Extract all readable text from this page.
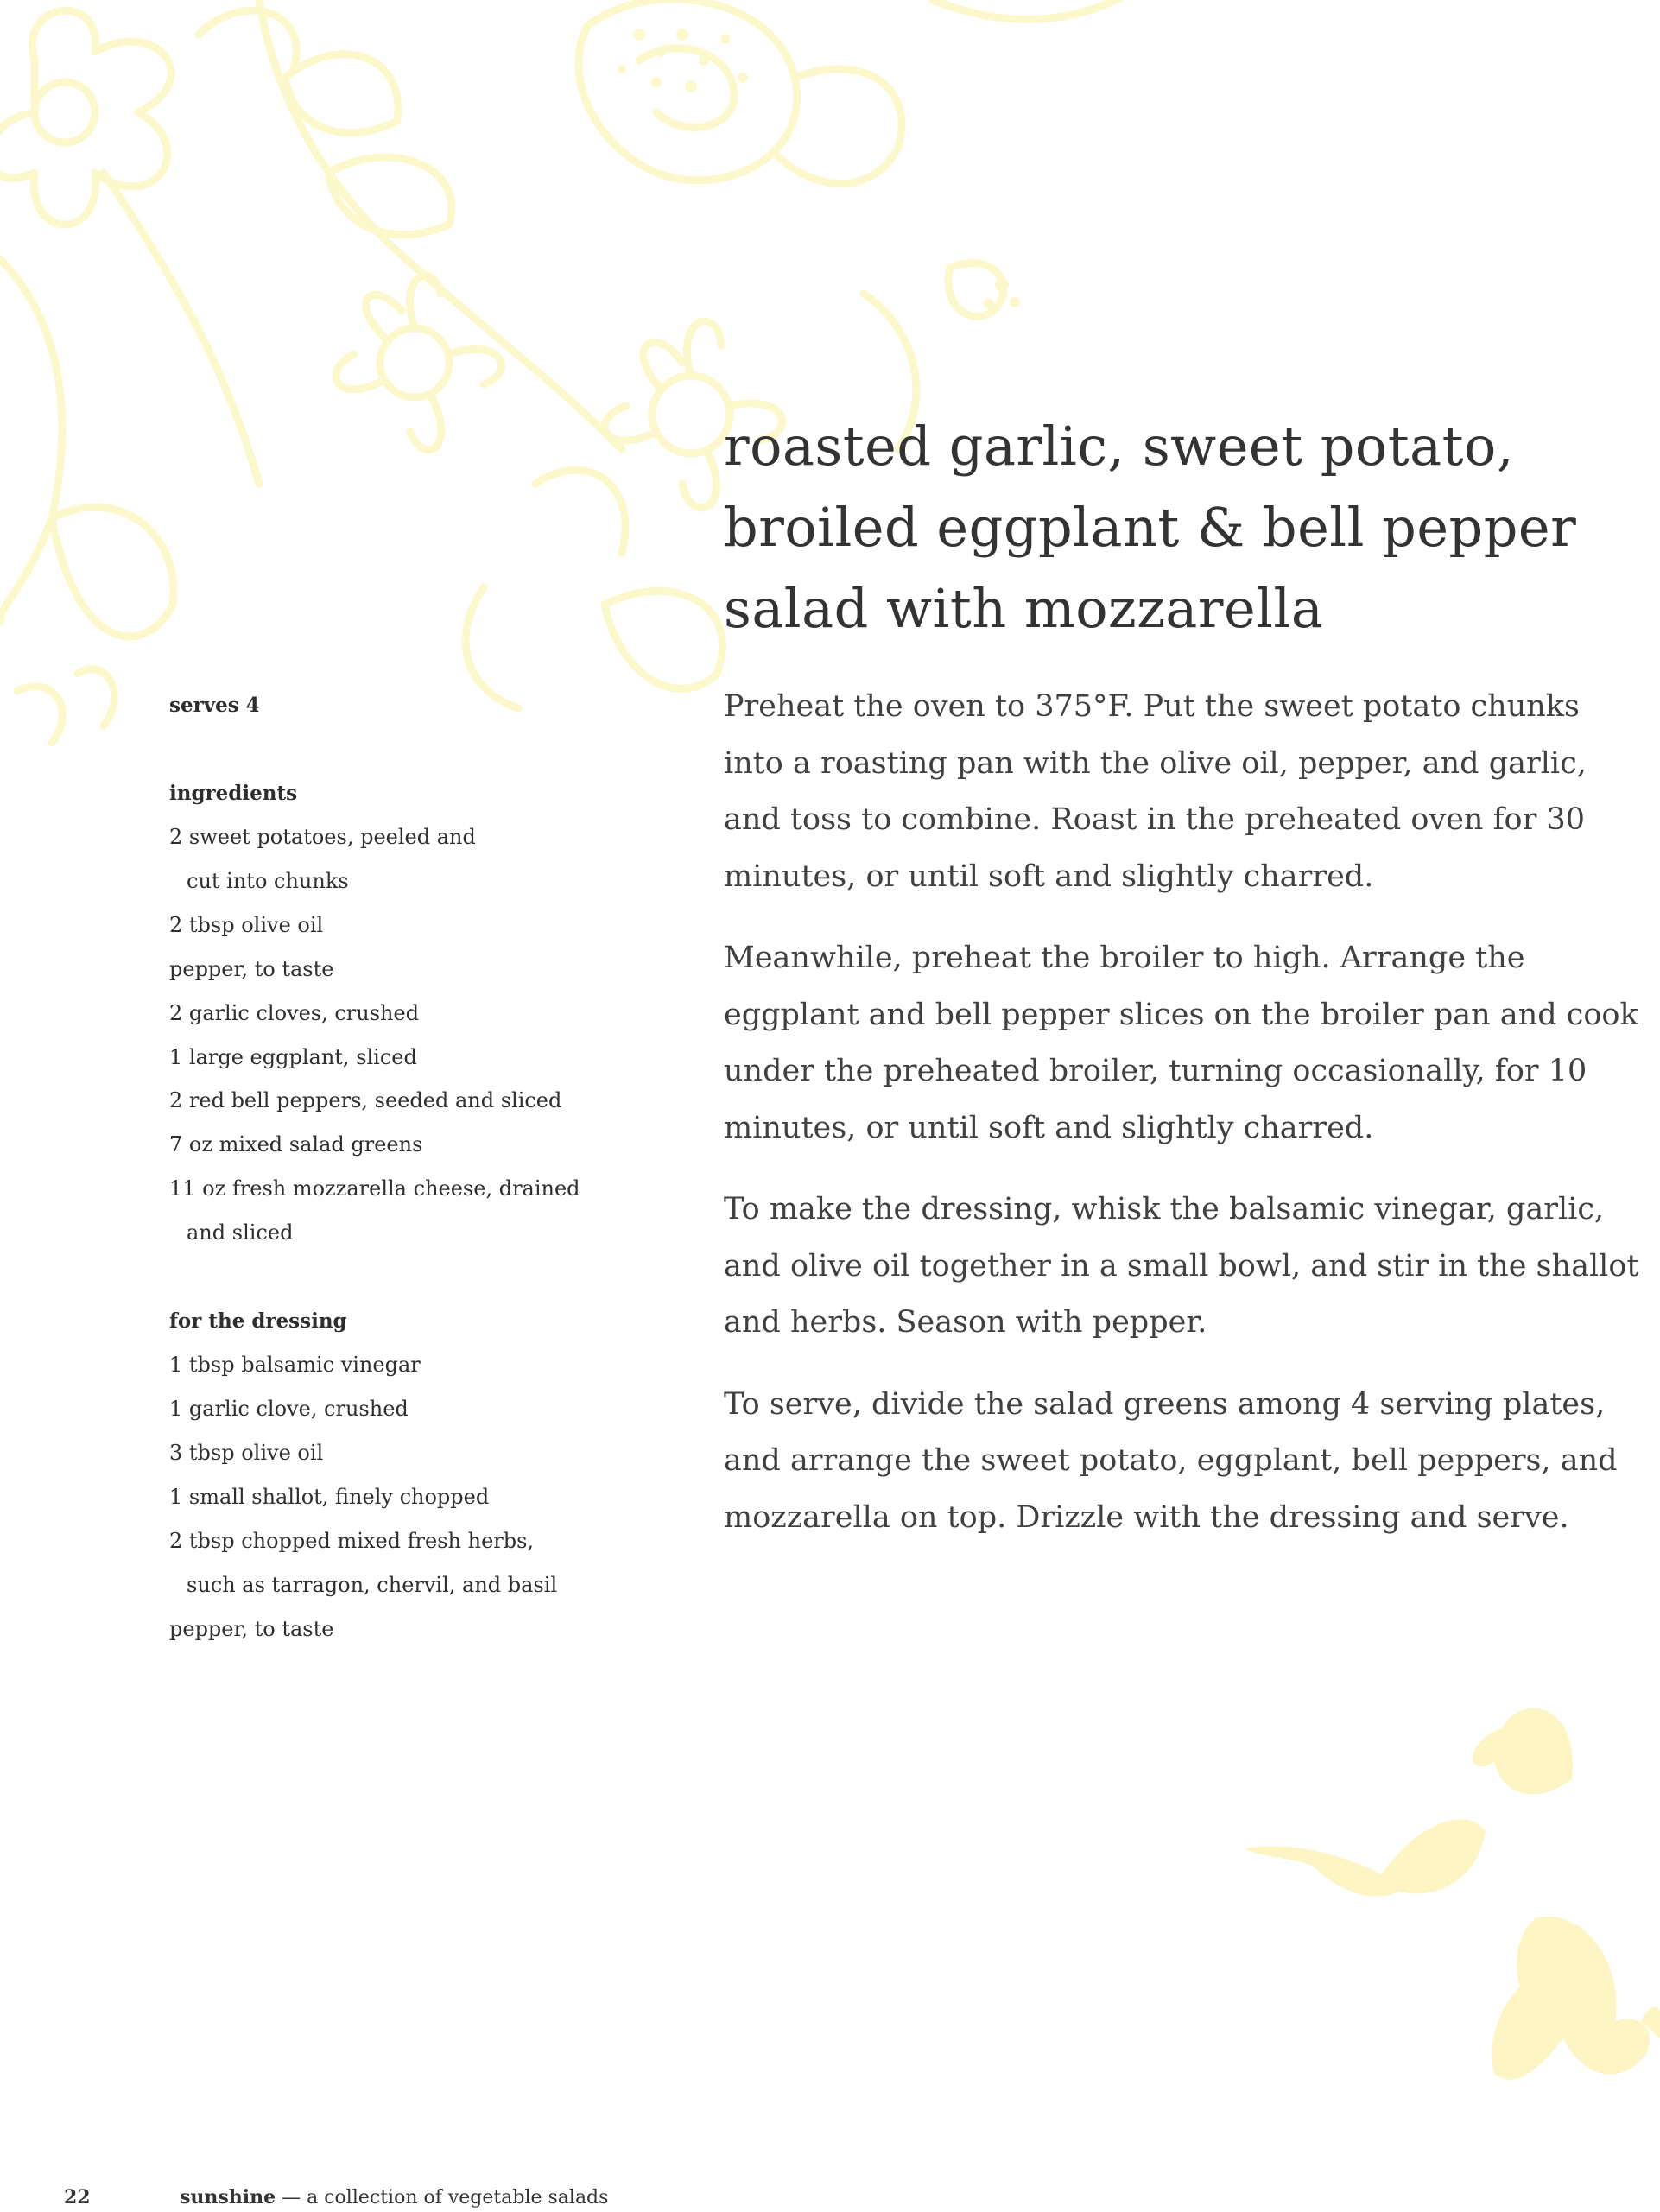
roasted garlic, sweet potato,
broiled eggplant & bell pepper
salad with mozzarella

serves 4

ingredients

2 sweet potatoes, peeled and

cut into chunks

2 tbsp olive oil

pepper, to taste

2 garlic cloves, crushed

1 large eggplant, sliced

2 red bell peppers, seeded and sliced

7 oz mixed salad greens

11 oz fresh mozzarella cheese, drained

and sliced

for the dressing

1 tbsp balsamic vinegar

1 garlic clove, crushed

3 tbsp olive oil

1 small shallot, finely chopped

2 tbsp chopped mixed fresh herbs,

such as tarragon, chervil, and basil

pepper, to taste

Preheat the oven to 375°F. Put the sweet potato chunks into a roasting pan with the olive oil, pepper, and garlic, and toss to combine. Roast in the preheated oven for 30 minutes, or until soft and slightly charred.

Meanwhile, preheat the broiler to high. Arrange the eggplant and bell pepper slices on the broiler pan and cook under the preheated broiler, turning occasionally, for 10 minutes, or until soft and slightly charred.

To make the dressing, whisk the balsamic vinegar, garlic, and olive oil together in a small bowl, and stir in the shallot and herbs. Season with pepper.

To serve, divide the salad greens among 4 serving plates, and arrange the sweet potato, eggplant, bell peppers, and mozzarella on top. Drizzle with the dressing and serve.

22	sunshine — a collection of vegetable salads
